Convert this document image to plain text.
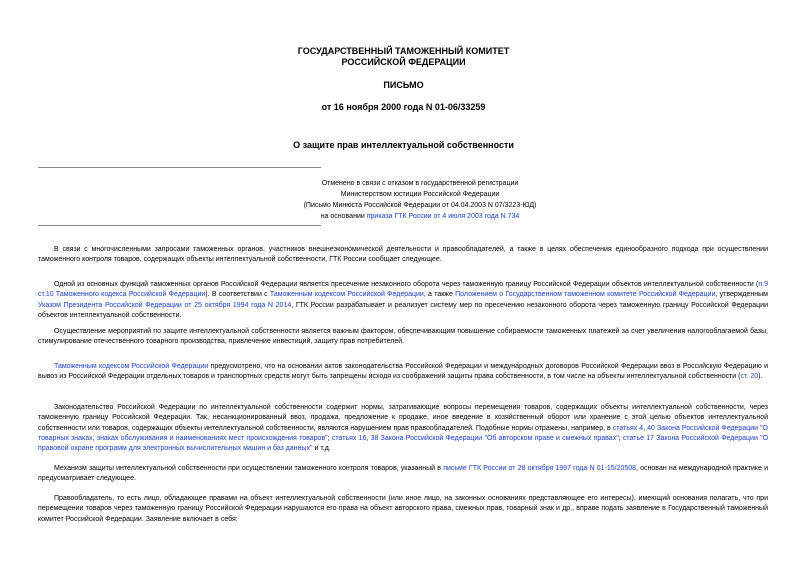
ГОСУДАРСТВЕННЫЙ ТАМОЖЕННЫЙ КОМИТЕТ
РОССИЙСКОЙ ФЕДЕРАЦИИ
ПИСЬМО
от 16 ноября 2000 года N 01-06/33259
О защите прав интеллектуальной собственности
Отменено в связи с отказом в государственной регистрации
Министерством юстиции Российской Федерации
(Письмо Минюста Российской Федерации от 04.04.2003 N 07/3223-ЮД)
на основании приказа ГТК России от 4 июля 2003 года N 734
В связи с многочисленными запросами таможенных органов, участников внешнеэкономической деятельности и правообладателей, а также в целях обеспечения единообразного подхода при осуществлении таможенного контроля товаров, содержащих объекты интеллектуальной собственности, ГТК России сообщает следующее.
Одной из основных функций таможенных органов Российской Федерации является пресечение незаконного оборота через таможенную границу Российской Федерации объектов интеллектуальной собственности (п.9 ст.10 Таможенного кодекса Российской Федерации). В соответствии с Таможенным кодексом Российской Федерации, а также Положением о Государственном таможенном комитете Российской Федерации, утвержденным Указом Президента Российской Федерации от 25 октября 1994 года N 2014, ГТК России разрабатывает и реализует систему мер по пресечению незаконного оборота через таможенную границу Российской Федерации объектов интеллектуальной собственности.
Осуществление мероприятий по защите интеллектуальной собственности является важным фактором, обеспечивающим повышение собираемости таможенных платежей за счет увеличения налогооблагаемой базы, стимулирование отечественного товарного производства, привлечение инвестиций, защиту прав потребителей.
Таможенным кодексом Российской Федерации предусмотрено, что на основании актов законодательства Российской Федерации и международных договоров Российской Федерации ввоз в Российскую Федерацию и вывоз из Российской Федерации отдельных товаров и транспортных средств могут быть запрещены исходя из соображений защиты права собственности, в том числе на объекты интеллектуальной собственности (ст. 20).
Законодательство Российской Федерации по интеллектуальной собственности содержит нормы, затрагивающие вопросы перемещения товаров, содержащих объекты интеллектуальной собственности, через таможенную границу Российской Федерации. Так, несанкционированный ввоз, продажа, предложение к продаже, иное введение в хозяйственный оборот или хранение с этой целью объектов интеллектуальной собственности или товаров, содержащих объекты интеллектуальной собственности, являются нарушением прав правообладателей. Подобные нормы отражены, например, в статьях 4, 40 Закона Российской Федерации "О товарных знаках, знаках обслуживания и наименованиях мест происхождения товаров"; статьях 16, 38 Закона Российской Федерации "Об авторском праве и смежных правах"; статье 17 Закона Российской Федерации "О правовой охране программ для электронных вычислительных машин и баз данных" и т.д.
Механизм защиты интеллектуальной собственности при осуществлении таможенного контроля товаров, указанный в письме ГТК России от 28 октября 1997 года N 01-15/20508, основан на международной практике и предусматривает следующее.
Правообладатель, то есть лицо, обладающее правами на объект интеллектуальной собственности (или иное лицо, на законных основаниях представляющее его интересы), имеющий основания полагать, что при перемещении товаров через таможенную границу Российской Федерации нарушаются его права на объект авторского права, смежных прав, товарный знак и др., вправе подать заявление в Государственный таможенный комитет Российской Федерации. Заявление включает в себя:
